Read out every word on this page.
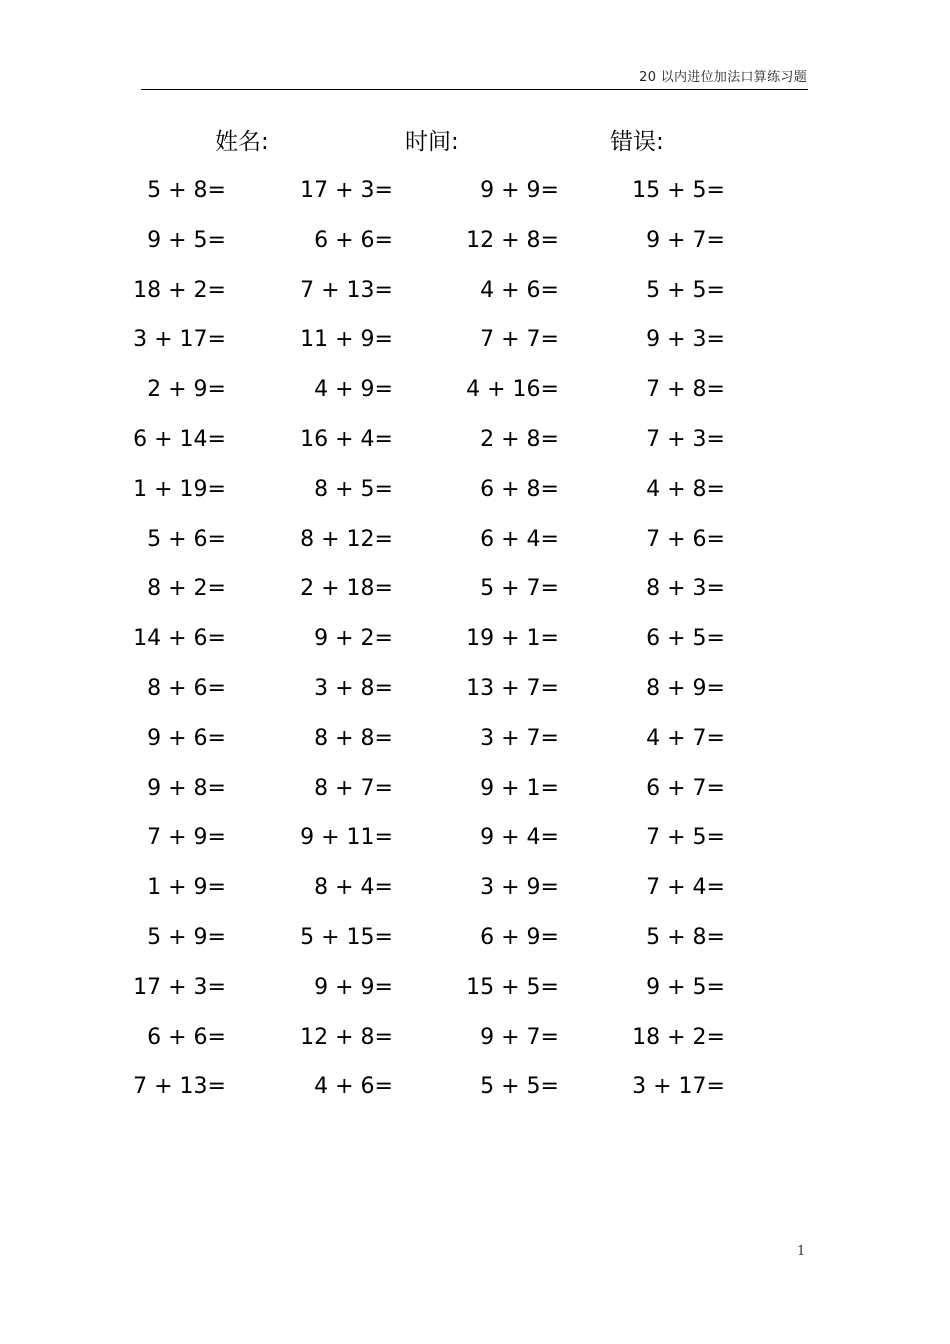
20 以内进位加法口算练习题
姓名:	时间:	错误:
5 + 8=	17 + 3=	9 + 9=	15 + 5=
9 + 5=	6 + 6=	12 + 8=	9 + 7=
18 + 2=	7 + 13=	4 + 6=	5 + 5=
3 + 17=	11 + 9=	7 + 7=	9 + 3=
2 + 9=	4 + 9=	4 + 16=	7 + 8=
6 + 14=	16 + 4=	2 + 8=	7 + 3=
1 + 19=	8 + 5=	6 + 8=	4 + 8=
5 + 6=	8 + 12=	6 + 4=	7 + 6=
8 + 2=	2 + 18=	5 + 7=	8 + 3=
14 + 6=	9 + 2=	19 + 1=	6 + 5=
8 + 6=	3 + 8=	13 + 7=	8 + 9=
9 + 6=	8 + 8=	3 + 7=	4 + 7=
9 + 8=	8 + 7=	9 + 1=	6 + 7=
7 + 9=	9 + 11=	9 + 4=	7 + 5=
1 + 9=	8 + 4=	3 + 9=	7 + 4=
5 + 9=	5 + 15=	6 + 9=	5 + 8=
17 + 3=	9 + 9=	15 + 5=	9 + 5=
6 + 6=	12 + 8=	9 + 7=	18 + 2=
7 + 13=	4 + 6=	5 + 5=	3 + 17=
1
